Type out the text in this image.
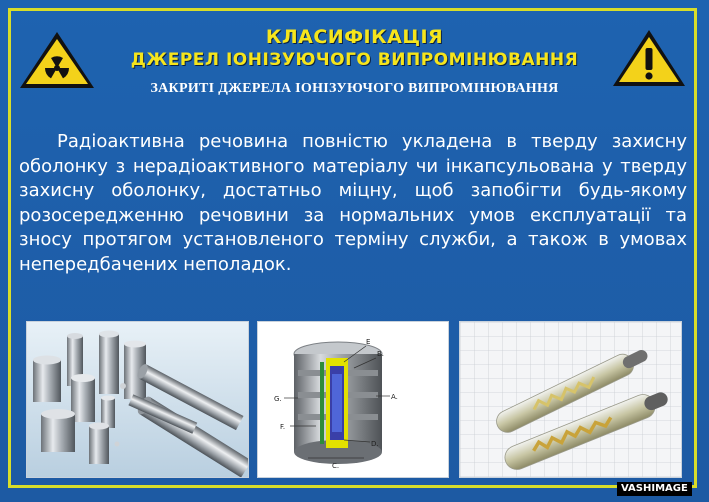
КЛАСИФІКАЦІЯ
ДЖЕРЕЛ ІОНІЗУЮЧОГО ВИПРОМІНЮВАННЯ
ЗАКРИТІ ДЖЕРЕЛА ІОНІЗУЮЧОГО ВИПРОМІНЮВАННЯ
Радіоактивна речовина повністю укладена в тверду захисну оболонку з нерадіоактивного матеріалу чи інкапсульована у тверду захисну оболонку, достатньо міцну, щоб запобігти будь-якому розосередженню речовини за нормальних умов експлуатації та зносу протягом установленого терміну служби, а також в умовах непередбачених неполадок.
E
B.
A.
D.
G.
F.
C.
VASHIMAGE
